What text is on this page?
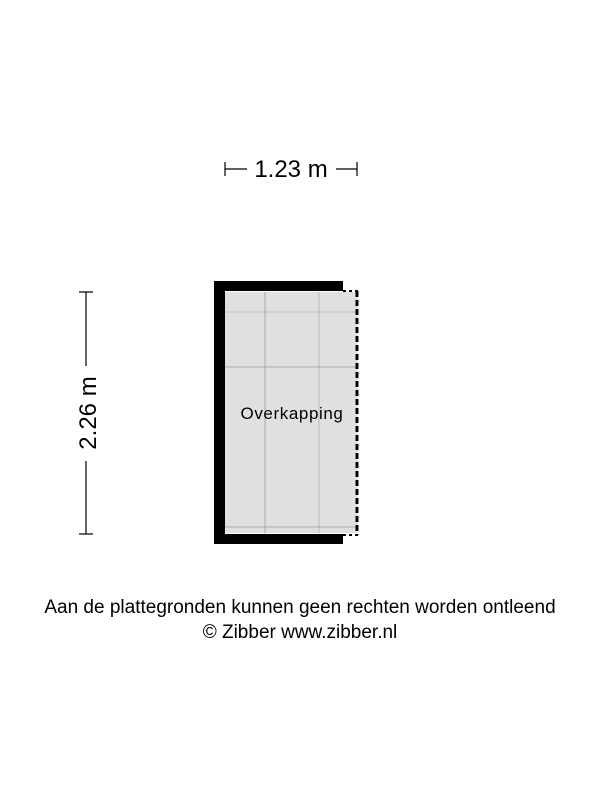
1.23 m
2.26 m	Overkapping
Aan de plattegronden kunnen geen rechten worden ontleend
© Zibber www.zibber.nl
